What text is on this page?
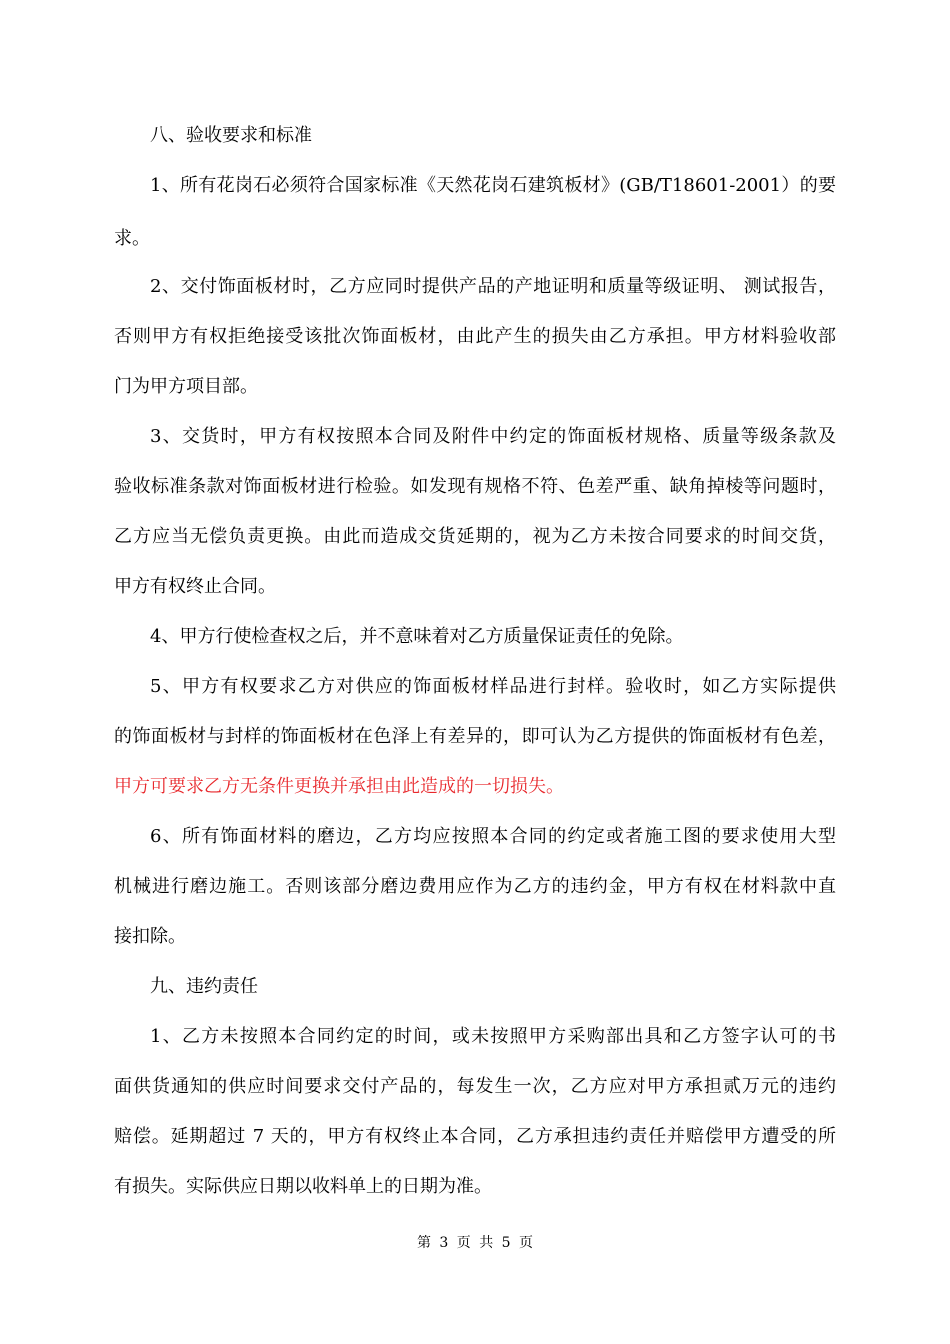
八、验收要求和标准
1、所有花岗石必须符合国家标准《天然花岗石建筑板材》(GB/T18601-2001）的要
求。
2、交付饰面板材时，乙方应同时提供产品的产地证明和质量等级证明、 测试报告，
否则甲方有权拒绝接受该批次饰面板材，由此产生的损失由乙方承担。甲方材料验收部
门为甲方项目部。
3、交货时，甲方有权按照本合同及附件中约定的饰面板材规格、质量等级条款及
验收标准条款对饰面板材进行检验。如发现有规格不符、色差严重、缺角掉棱等问题时，
乙方应当无偿负责更换。由此而造成交货延期的，视为乙方未按合同要求的时间交货，
甲方有权终止合同。
4、甲方行使检查权之后，并不意味着对乙方质量保证责任的免除。
5、甲方有权要求乙方对供应的饰面板材样品进行封样。验收时，如乙方实际提供
的饰面板材与封样的饰面板材在色泽上有差异的，即可认为乙方提供的饰面板材有色差，
甲方可要求乙方无条件更换并承担由此造成的一切损失。
6、所有饰面材料的磨边，乙方均应按照本合同的约定或者施工图的要求使用大型
机械进行磨边施工。否则该部分磨边费用应作为乙方的违约金，甲方有权在材料款中直
接扣除。
九、违约责任
1、乙方未按照本合同约定的时间，或未按照甲方采购部出具和乙方签字认可的书
面供货通知的供应时间要求交付产品的，每发生一次，乙方应对甲方承担贰万元的违约
赔偿。延期超过 7 天的，甲方有权终止本合同，乙方承担违约责任并赔偿甲方遭受的所
有损失。实际供应日期以收料单上的日期为准。
第 3 页 共 5 页
